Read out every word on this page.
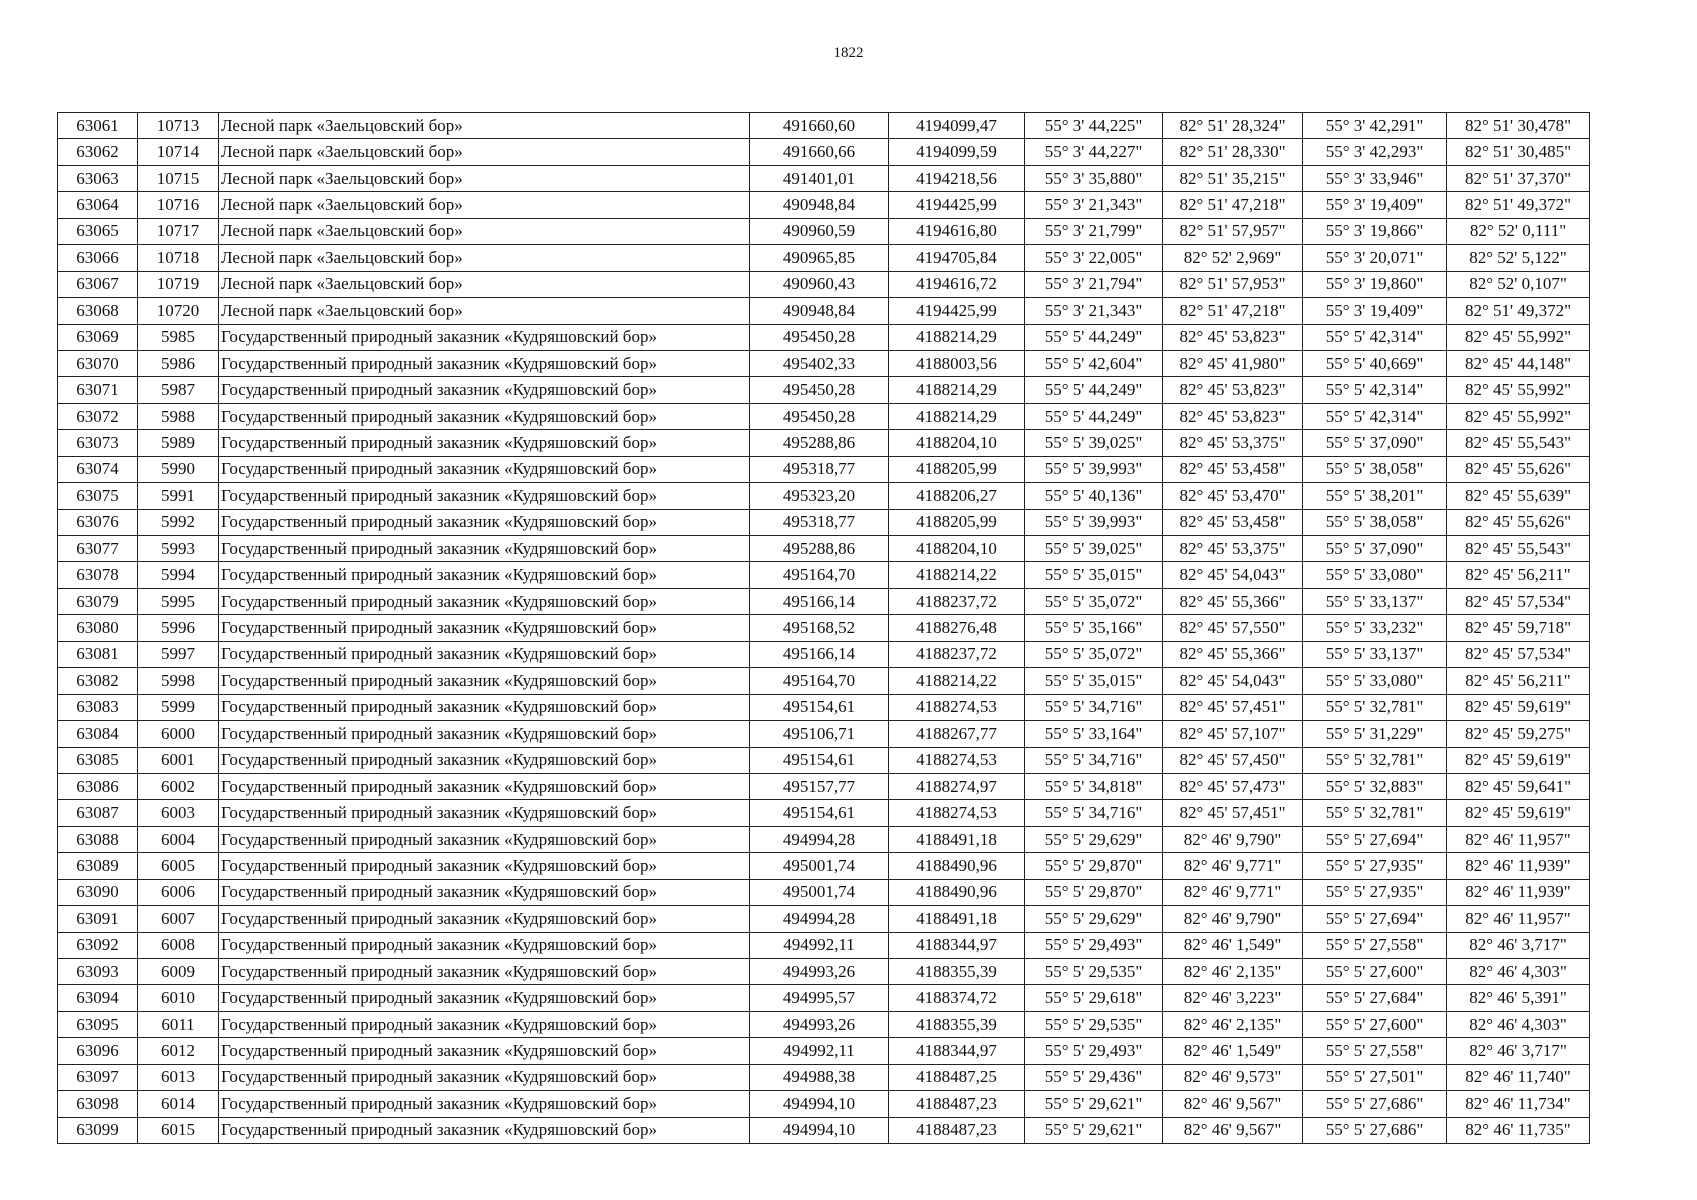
1822
63061	10713	Лесной парк «Заельцовский бор»	491660,60	4194099,47	55° 3' 44,225"	82° 51' 28,324"	55° 3' 42,291"	82° 51' 30,478"
63062	10714	Лесной парк «Заельцовский бор»	491660,66	4194099,59	55° 3' 44,227"	82° 51' 28,330"	55° 3' 42,293"	82° 51' 30,485"
63063	10715	Лесной парк «Заельцовский бор»	491401,01	4194218,56	55° 3' 35,880"	82° 51' 35,215"	55° 3' 33,946"	82° 51' 37,370"
63064	10716	Лесной парк «Заельцовский бор»	490948,84	4194425,99	55° 3' 21,343"	82° 51' 47,218"	55° 3' 19,409"	82° 51' 49,372"
63065	10717	Лесной парк «Заельцовский бор»	490960,59	4194616,80	55° 3' 21,799"	82° 51' 57,957"	55° 3' 19,866"	82° 52' 0,111"
63066	10718	Лесной парк «Заельцовский бор»	490965,85	4194705,84	55° 3' 22,005"	82° 52' 2,969"	55° 3' 20,071"	82° 52' 5,122"
63067	10719	Лесной парк «Заельцовский бор»	490960,43	4194616,72	55° 3' 21,794"	82° 51' 57,953"	55° 3' 19,860"	82° 52' 0,107"
63068	10720	Лесной парк «Заельцовский бор»	490948,84	4194425,99	55° 3' 21,343"	82° 51' 47,218"	55° 3' 19,409"	82° 51' 49,372"
63069	5985	Государственный природный заказник «Кудряшовский бор»	495450,28	4188214,29	55° 5' 44,249"	82° 45' 53,823"	55° 5' 42,314"	82° 45' 55,992"
63070	5986	Государственный природный заказник «Кудряшовский бор»	495402,33	4188003,56	55° 5' 42,604"	82° 45' 41,980"	55° 5' 40,669"	82° 45' 44,148"
63071	5987	Государственный природный заказник «Кудряшовский бор»	495450,28	4188214,29	55° 5' 44,249"	82° 45' 53,823"	55° 5' 42,314"	82° 45' 55,992"
63072	5988	Государственный природный заказник «Кудряшовский бор»	495450,28	4188214,29	55° 5' 44,249"	82° 45' 53,823"	55° 5' 42,314"	82° 45' 55,992"
63073	5989	Государственный природный заказник «Кудряшовский бор»	495288,86	4188204,10	55° 5' 39,025"	82° 45' 53,375"	55° 5' 37,090"	82° 45' 55,543"
63074	5990	Государственный природный заказник «Кудряшовский бор»	495318,77	4188205,99	55° 5' 39,993"	82° 45' 53,458"	55° 5' 38,058"	82° 45' 55,626"
63075	5991	Государственный природный заказник «Кудряшовский бор»	495323,20	4188206,27	55° 5' 40,136"	82° 45' 53,470"	55° 5' 38,201"	82° 45' 55,639"
63076	5992	Государственный природный заказник «Кудряшовский бор»	495318,77	4188205,99	55° 5' 39,993"	82° 45' 53,458"	55° 5' 38,058"	82° 45' 55,626"
63077	5993	Государственный природный заказник «Кудряшовский бор»	495288,86	4188204,10	55° 5' 39,025"	82° 45' 53,375"	55° 5' 37,090"	82° 45' 55,543"
63078	5994	Государственный природный заказник «Кудряшовский бор»	495164,70	4188214,22	55° 5' 35,015"	82° 45' 54,043"	55° 5' 33,080"	82° 45' 56,211"
63079	5995	Государственный природный заказник «Кудряшовский бор»	495166,14	4188237,72	55° 5' 35,072"	82° 45' 55,366"	55° 5' 33,137"	82° 45' 57,534"
63080	5996	Государственный природный заказник «Кудряшовский бор»	495168,52	4188276,48	55° 5' 35,166"	82° 45' 57,550"	55° 5' 33,232"	82° 45' 59,718"
63081	5997	Государственный природный заказник «Кудряшовский бор»	495166,14	4188237,72	55° 5' 35,072"	82° 45' 55,366"	55° 5' 33,137"	82° 45' 57,534"
63082	5998	Государственный природный заказник «Кудряшовский бор»	495164,70	4188214,22	55° 5' 35,015"	82° 45' 54,043"	55° 5' 33,080"	82° 45' 56,211"
63083	5999	Государственный природный заказник «Кудряшовский бор»	495154,61	4188274,53	55° 5' 34,716"	82° 45' 57,451"	55° 5' 32,781"	82° 45' 59,619"
63084	6000	Государственный природный заказник «Кудряшовский бор»	495106,71	4188267,77	55° 5' 33,164"	82° 45' 57,107"	55° 5' 31,229"	82° 45' 59,275"
63085	6001	Государственный природный заказник «Кудряшовский бор»	495154,61	4188274,53	55° 5' 34,716"	82° 45' 57,450"	55° 5' 32,781"	82° 45' 59,619"
63086	6002	Государственный природный заказник «Кудряшовский бор»	495157,77	4188274,97	55° 5' 34,818"	82° 45' 57,473"	55° 5' 32,883"	82° 45' 59,641"
63087	6003	Государственный природный заказник «Кудряшовский бор»	495154,61	4188274,53	55° 5' 34,716"	82° 45' 57,451"	55° 5' 32,781"	82° 45' 59,619"
63088	6004	Государственный природный заказник «Кудряшовский бор»	494994,28	4188491,18	55° 5' 29,629"	82° 46' 9,790"	55° 5' 27,694"	82° 46' 11,957"
63089	6005	Государственный природный заказник «Кудряшовский бор»	495001,74	4188490,96	55° 5' 29,870"	82° 46' 9,771"	55° 5' 27,935"	82° 46' 11,939"
63090	6006	Государственный природный заказник «Кудряшовский бор»	495001,74	4188490,96	55° 5' 29,870"	82° 46' 9,771"	55° 5' 27,935"	82° 46' 11,939"
63091	6007	Государственный природный заказник «Кудряшовский бор»	494994,28	4188491,18	55° 5' 29,629"	82° 46' 9,790"	55° 5' 27,694"	82° 46' 11,957"
63092	6008	Государственный природный заказник «Кудряшовский бор»	494992,11	4188344,97	55° 5' 29,493"	82° 46' 1,549"	55° 5' 27,558"	82° 46' 3,717"
63093	6009	Государственный природный заказник «Кудряшовский бор»	494993,26	4188355,39	55° 5' 29,535"	82° 46' 2,135"	55° 5' 27,600"	82° 46' 4,303"
63094	6010	Государственный природный заказник «Кудряшовский бор»	494995,57	4188374,72	55° 5' 29,618"	82° 46' 3,223"	55° 5' 27,684"	82° 46' 5,391"
63095	6011	Государственный природный заказник «Кудряшовский бор»	494993,26	4188355,39	55° 5' 29,535"	82° 46' 2,135"	55° 5' 27,600"	82° 46' 4,303"
63096	6012	Государственный природный заказник «Кудряшовский бор»	494992,11	4188344,97	55° 5' 29,493"	82° 46' 1,549"	55° 5' 27,558"	82° 46' 3,717"
63097	6013	Государственный природный заказник «Кудряшовский бор»	494988,38	4188487,25	55° 5' 29,436"	82° 46' 9,573"	55° 5' 27,501"	82° 46' 11,740"
63098	6014	Государственный природный заказник «Кудряшовский бор»	494994,10	4188487,23	55° 5' 29,621"	82° 46' 9,567"	55° 5' 27,686"	82° 46' 11,734"
63099	6015	Государственный природный заказник «Кудряшовский бор»	494994,10	4188487,23	55° 5' 29,621"	82° 46' 9,567"	55° 5' 27,686"	82° 46' 11,735"
